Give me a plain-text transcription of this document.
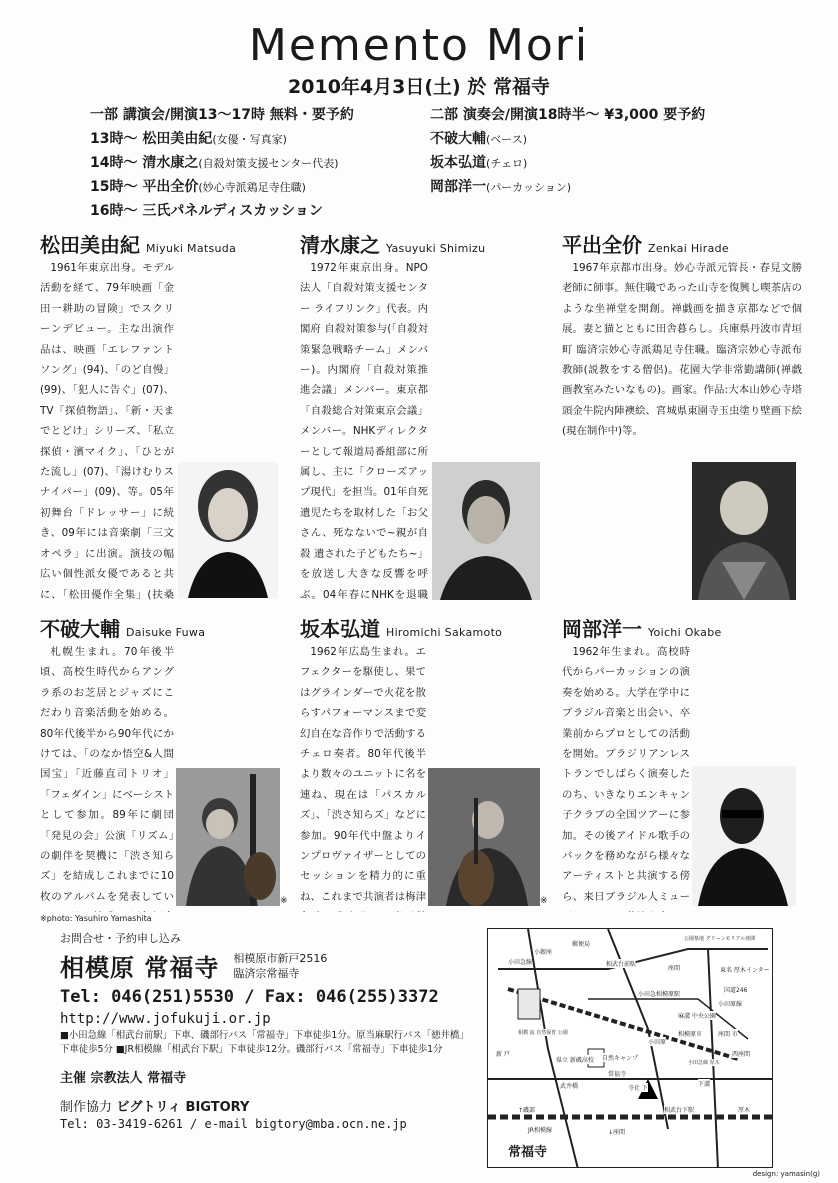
Memento Mori
2010年4月3日(土) 於 常福寺
一部 講演会/開演13～17時 無料・要予約
13時～ 松田美由紀(女優・写真家)
14時～ 清水康之(自殺対策支援センター代表)
15時～ 平出全价(妙心寺派鶏足寺住職)
16時～ 三氏パネルディスカッション
二部 演奏会/開演18時半～ ¥3,000 要予約
不破大輔(ベース)
坂本弘道(チェロ)
岡部洋一(パーカッション)
松田美由紀 Miyuki Matsuda

1961年東京出身。モデル活動を経て、79年映画「金田一耕助の冒険」でスクリーンデビュー。主な出演作品は、映画「エレファントソング」(94)、「のど自慢」(99)、「犯人に告ぐ」(07)、TV「探偵物語」、「新・天までとどけ」シリーズ、「私立探偵・濱マイク」、「ひとがた流し」(07)、「湯けむりスナイパー」(09)、等。05年初舞台「ドレッサー」に続き、09年には音楽劇「三文オペラ」に出演。演技の幅広い個性派女優であると共に、「松田優作全集」(扶桑

清水康之 Yasuyuki Shimizu

1972年東京出身。NPO法人「自殺対策支援センター ライフリンク」代表。内閣府 自殺対策参与(「自殺対策緊急戦略チーム」メンバー)。内閣府「自殺対策推進会議」メンバー。東京都「自殺総合対策東京会議」メンバー。NHKディレクターとして報道局番組部に所属し、主に「クローズアップ現代」を担当。01年自死遺児たちを取材した「お父さん、死なないで~親が自殺 遺された子どもたち~」を放送し大きな反響を呼ぶ。04年春にNHKを退職

平出全价 Zenkai Hirade

1967年京都市出身。妙心寺派元管長・春見文勝老師に師事。無住職であった山寺を復興し喫茶店のような坐禅堂を開創。禅戯画を描き京都などで個展。妻と猫とともに田舎暮らし。兵庫県丹波市青垣町 臨済宗妙心寺派鶏足寺住職。臨済宗妙心寺派布教師(説教をする僧侶)。花園大学非常勤講師(禅戯画教室みたいなもの)。画家。作品:大本山妙心寺塔頭金牛院内陣襖絵、宮城県東園寺玉虫塗り壁画下絵(現在制作中)等。

不破大輔 Daisuke Fuwa
※

札幌生まれ。70年後半頃、高校生時代からアングラ系のお芝居とジャズにこだわり音楽活動を始める。80年代後半から90年代にかけては、「のなか悟空&人間国宝」「近藤直司トリオ」「フェダイン」にベーシストとして参加。89年に劇団「発見の会」公演「リズム」の劇伴を契機に「渋さ知らズ」を結成しこれまでに10枚のアルバムを発表してい

坂本弘道 Hiromichi Sakamoto
※

1962年広島生まれ。エフェクターを駆使し、果てはグラインダーで火花を散らすパフォーマンスまで変幻自在な音作りで活動するチェロ奏者。80年代後半より数々のユニットに名を連ね、現在は「パスカルズ」、「渋さ知らズ」などに参加。90年代中盤よりインプロヴァイザーとしてのセッションを精力的に重ね、これまで共演者は梅津

岡部洋一 Yoichi Okabe

1962年生まれ。高校時代からパーカッションの演奏を始める。大学在学中にブラジル音楽と出会い、卒業前からプロとしての活動を開始。ブラジリアンレストランでしばらく演奏したのち、いきなりエンキャン子クラブの全国ツアーに参加。その後アイドル歌手のバックを務めながら様々なアーティストと共演する傍ら、来日ブラジル人ミュー

※photo: Yasuhiro Yamashita
お問合せ・予約申し込み
相模原 常福寺 相模原市新戸2516
臨済宗常福寺
Tel: 046(251)5530 / Fax: 046(255)3372
http://www.jofukuji.or.jp
■小田急線「相武台前駅」下車、磯部行バス「常福寺」下車徒歩1分。原当麻駅行バス「徳井橋」下車徒歩5分 ■JR相模線「相武台下駅」下車徒歩12分。磯部行バス「常福寺」下車徒歩1分
主催 宗教法人 常福寺
制作協力 ビグトリィ BIGTORY
Tel: 03-3419-6261 / e-mail bigtory@mba.ocn.ne.jp
郵便局
相武台前駅
小田急線
小田原線
公園墓地 グリーンモリアル座間
座間	東名 厚木インター
国道246
麻溝 中央公園
相模原市
相模 流 自然保育 公園
県立 新磯高校 自然キャンプ
武井橋
常福寺
寺社 下
↑磯部	厚木
相武台下駅
JR相模線	↓座間
新 戸
小田原
小銀座
座間 市
下溝
小田急相模原駅
西座間
小田急線 厚木
常福寺
design: yamasin(g)
